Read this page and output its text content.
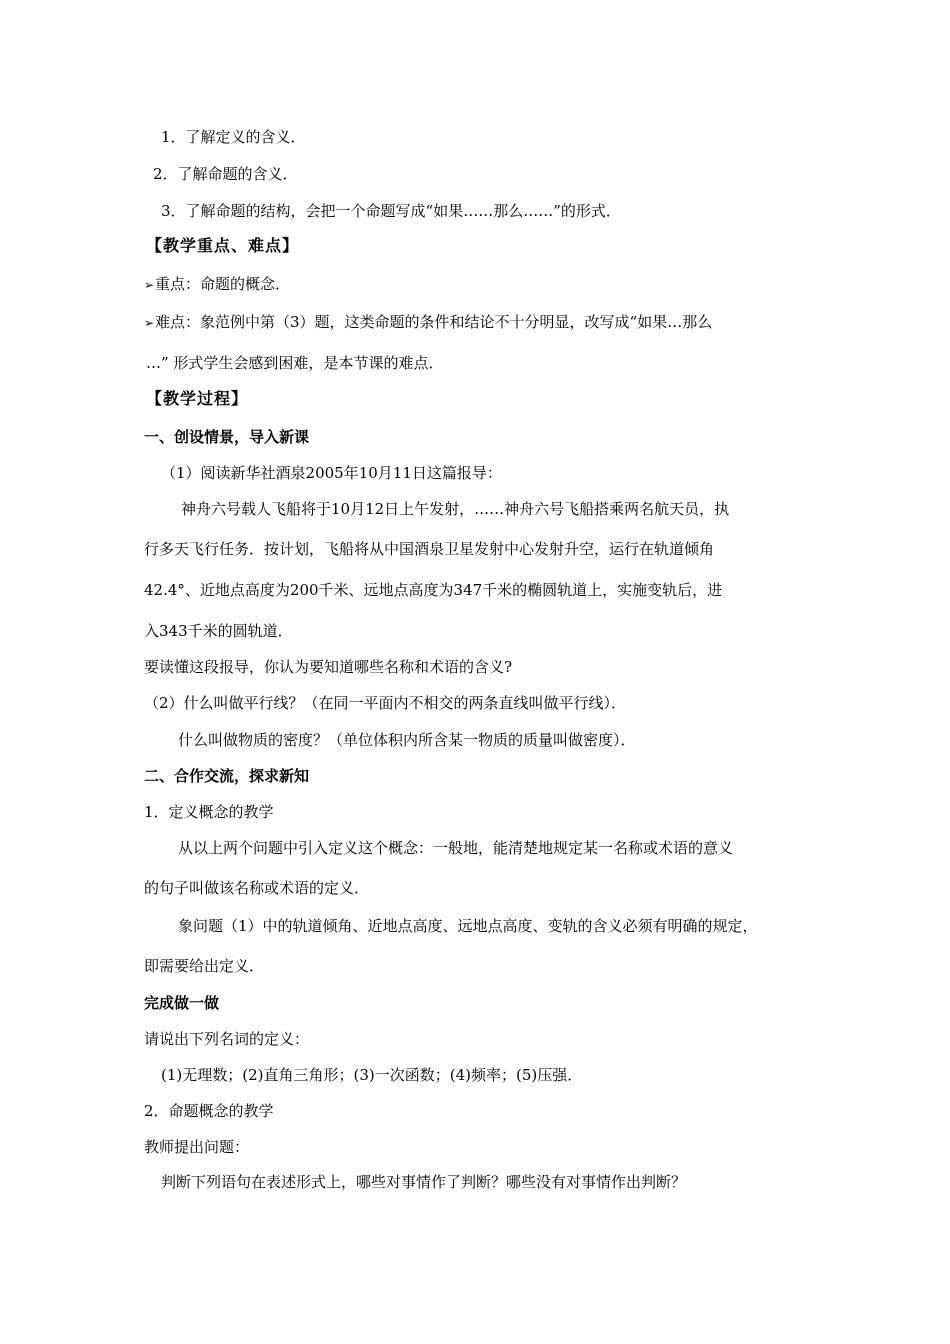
1．了解定义的含义．
2．了解命题的含义．
3．了解命题的结构，会把一个命题写成“如果……那么……”的形式．
【教学重点、难点】
➢重点：命题的概念．
➢难点：象范例中第（3）题，这类命题的条件和结论不十分明显，改写成“如果…那么
…” 形式学生会感到困难，是本节课的难点．
【教学过程】
一、创设情景，导入新课
（1）阅读新华社酒泉2005年10月11日这篇报导：
神舟六号载人飞船将于10月12日上午发射，……神舟六号飞船搭乘两名航天员，执
行多天飞行任务．按计划，飞船将从中国酒泉卫星发射中心发射升空，运行在轨道倾角
42.4°、近地点高度为200千米、远地点高度为347千米的椭圆轨道上，实施变轨后，进
入343千米的圆轨道．
要读懂这段报导，你认为要知道哪些名称和术语的含义?
（2）什么叫做平行线？（在同一平面内不相交的两条直线叫做平行线）．
什么叫做物质的密度？（单位体积内所含某一物质的质量叫做密度）．
二、合作交流，探求新知
1．定义概念的教学
从以上两个问题中引入定义这个概念：一般地，能清楚地规定某一名称或术语的意义
的句子叫做该名称或术语的定义．
象问题（1）中的轨道倾角、近地点高度、远地点高度、变轨的含义必须有明确的规定，
即需要给出定义．
完成做一做
请说出下列名词的定义：
(1)无理数；(2)直角三角形；(3)一次函数；(4)频率；(5)压强．
2．命题概念的教学
教师提出问题：
判断下列语句在表述形式上，哪些对事情作了判断？哪些没有对事情作出判断？
